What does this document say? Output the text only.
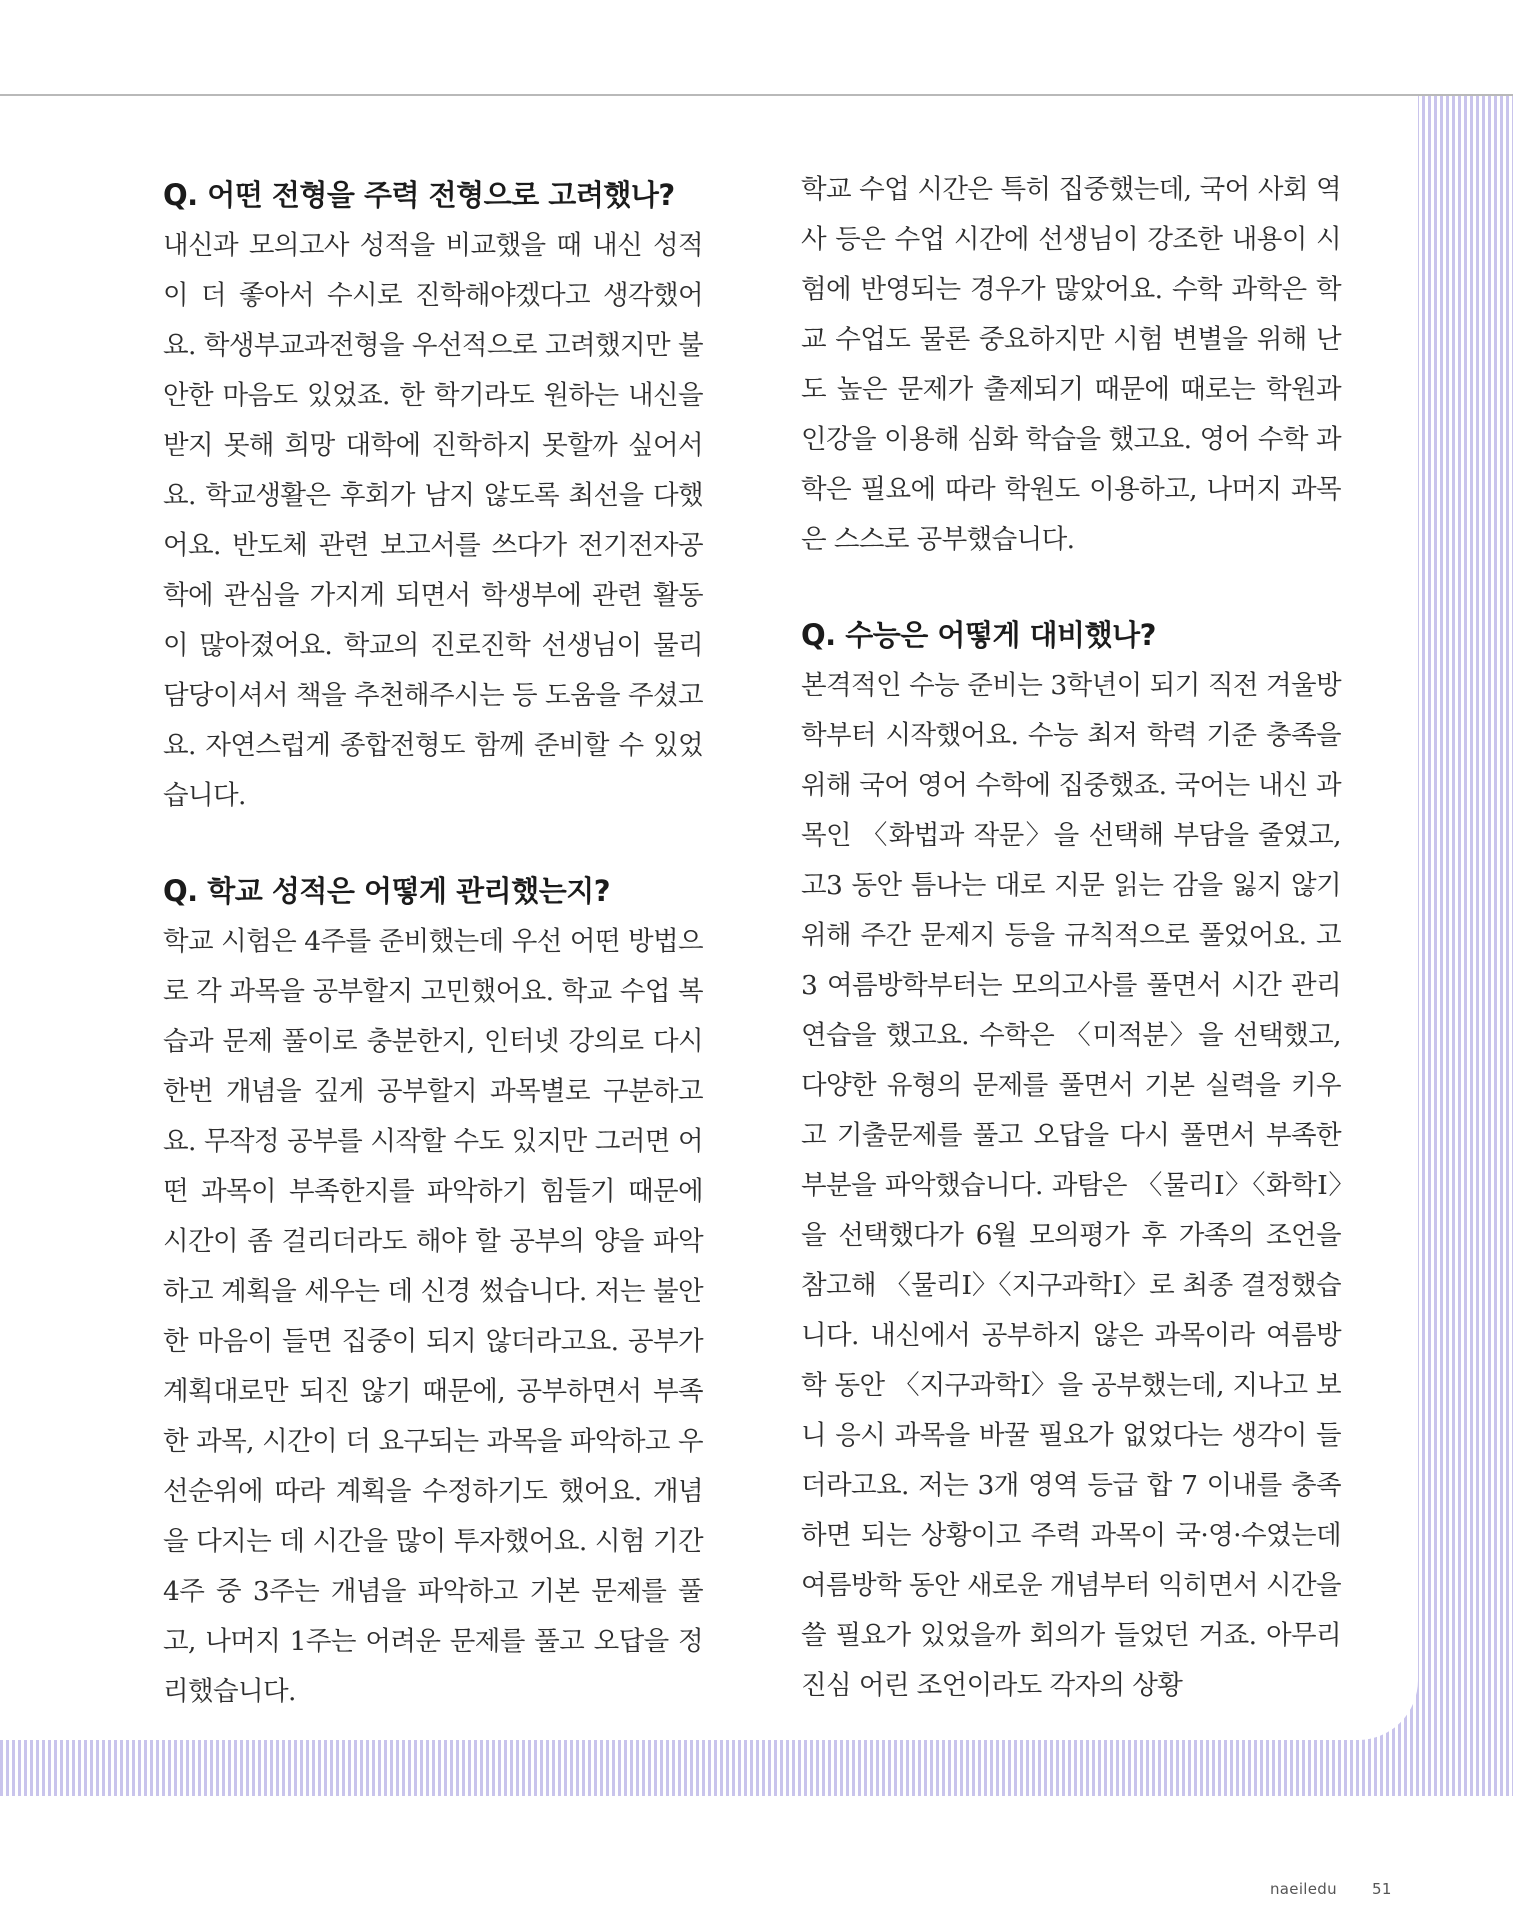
Q. 어떤 전형을 주력 전형으로 고려했나?

내신과 모의고사 성적을 비교했을 때 내신 성적이 더 좋아서 수시로 진학해야겠다고 생각했어요. 학생부교과전형을 우선적으로 고려했지만 불안한 마음도 있었죠. 한 학기라도 원하는 내신을 받지 못해 희망 대학에 진학하지 못할까 싶어서요. 학교생활은 후회가 남지 않도록 최선을 다했어요. 반도체 관련 보고서를 쓰다가 전기전자공학에 관심을 가지게 되면서 학생부에 관련 활동이 많아졌어요. 학교의 진로진학 선생님이 물리 담당이셔서 책을 추천해주시는 등 도움을 주셨고요. 자연스럽게 종합전형도 함께 준비할 수 있었습니다.

Q. 학교 성적은 어떻게 관리했는지?

학교 시험은 4주를 준비했는데 우선 어떤 방법으로 각 과목을 공부할지 고민했어요. 학교 수업 복습과 문제 풀이로 충분한지, 인터넷 강의로 다시 한번 개념을 깊게 공부할지 과목별로 구분하고요. 무작정 공부를 시작할 수도 있지만 그러면 어떤 과목이 부족한지를 파악하기 힘들기 때문에 시간이 좀 걸리더라도 해야 할 공부의 양을 파악하고 계획을 세우는 데 신경 썼습니다. 저는 불안한 마음이 들면 집중이 되지 않더라고요. 공부가 계획대로만 되진 않기 때문에, 공부하면서 부족한 과목, 시간이 더 요구되는 과목을 파악하고 우선순위에 따라 계획을 수정하기도 했어요. 개념을 다지는 데 시간을 많이 투자했어요. 시험 기간 4주 중 3주는 개념을 파악하고 기본 문제를 풀고, 나머지 1주는 어려운 문제를 풀고 오답을 정리했습니다.

학교 수업 시간은 특히 집중했는데, 국어 사회 역사 등은 수업 시간에 선생님이 강조한 내용이 시험에 반영되는 경우가 많았어요. 수학 과학은 학교 수업도 물론 중요하지만 시험 변별을 위해 난도 높은 문제가 출제되기 때문에 때로는 학원과 인강을 이용해 심화 학습을 했고요. 영어 수학 과학은 필요에 따라 학원도 이용하고, 나머지 과목은 스스로 공부했습니다.

Q. 수능은 어떻게 대비했나?

본격적인 수능 준비는 3학년이 되기 직전 겨울방학부터 시작했어요. 수능 최저 학력 기준 충족을 위해 국어 영어 수학에 집중했죠. 국어는 내신 과목인 〈화법과 작문〉을 선택해 부담을 줄였고, 고3 동안 틈나는 대로 지문 읽는 감을 잃지 않기 위해 주간 문제지 등을 규칙적으로 풀었어요. 고3 여름방학부터는 모의고사를 풀면서 시간 관리 연습을 했고요. 수학은 〈미적분〉을 선택했고, 다양한 유형의 문제를 풀면서 기본 실력을 키우고 기출문제를 풀고 오답을 다시 풀면서 부족한 부분을 파악했습니다. 과탐은 〈물리Ⅰ〉〈화학Ⅰ〉을 선택했다가 6월 모의평가 후 가족의 조언을 참고해 〈물리Ⅰ〉〈지구과학Ⅰ〉로 최종 결정했습니다. 내신에서 공부하지 않은 과목이라 여름방학 동안 〈지구과학Ⅰ〉을 공부했는데, 지나고 보니 응시 과목을 바꿀 필요가 없었다는 생각이 들더라고요. 저는 3개 영역 등급 합 7 이내를 충족하면 되는 상황이고 주력 과목이 국·영·수였는데 여름방학 동안 새로운 개념부터 익히면서 시간을 쓸 필요가 있었을까 회의가 들었던 거죠. 아무리 진심 어린 조언이라도 각자의 상황

naeiledu 51
